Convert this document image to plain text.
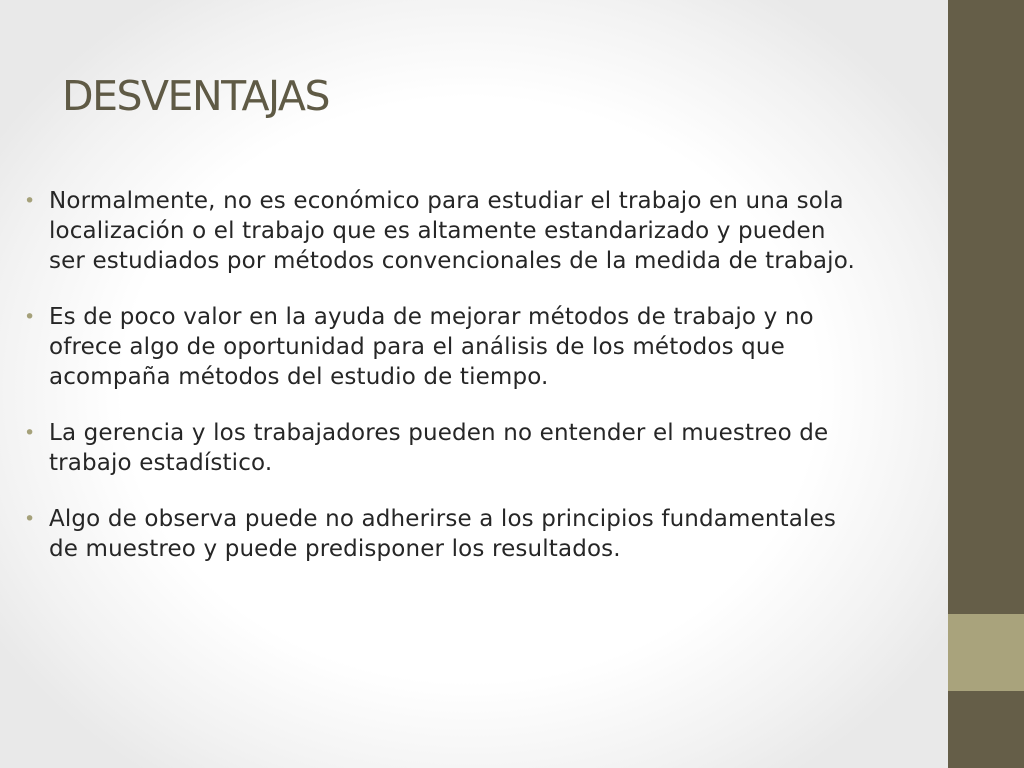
DESVENTAJAS
• Normalmente, no es económico para estudiar el trabajo en una sola localización o el trabajo que es altamente estandarizado y pueden ser estudiados por métodos convencionales de la medida de trabajo.
• Es de poco valor en la ayuda de mejorar métodos de trabajo y no ofrece algo de oportunidad para el análisis de los métodos que acompaña métodos del estudio de tiempo.
• La gerencia y los trabajadores pueden no entender el muestreo de trabajo estadístico.
• Algo de observa puede no adherirse a los principios fundamentales de muestreo y puede predisponer los resultados.
